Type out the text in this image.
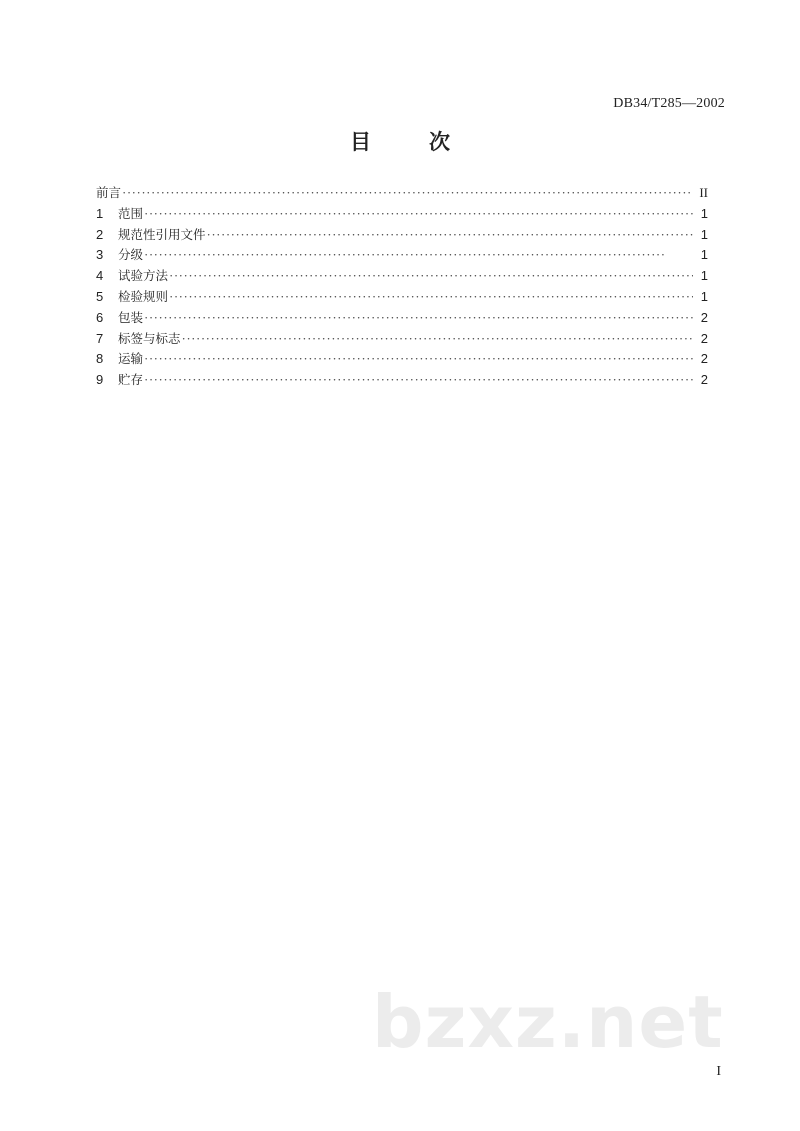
DB34/T285—2002
目次
前言 ·····	II
1	范围 ·····	1
2	规范性引用文件 ·····	1
3	分级 ·····	1
4	试验方法 ·····	1
5	检验规则 ·····	1
6	包装 ·····	2
7	标签与标志 ·····	2
8	运输 ·····	2
9	贮存 ·····	2
bzxz.net
I
